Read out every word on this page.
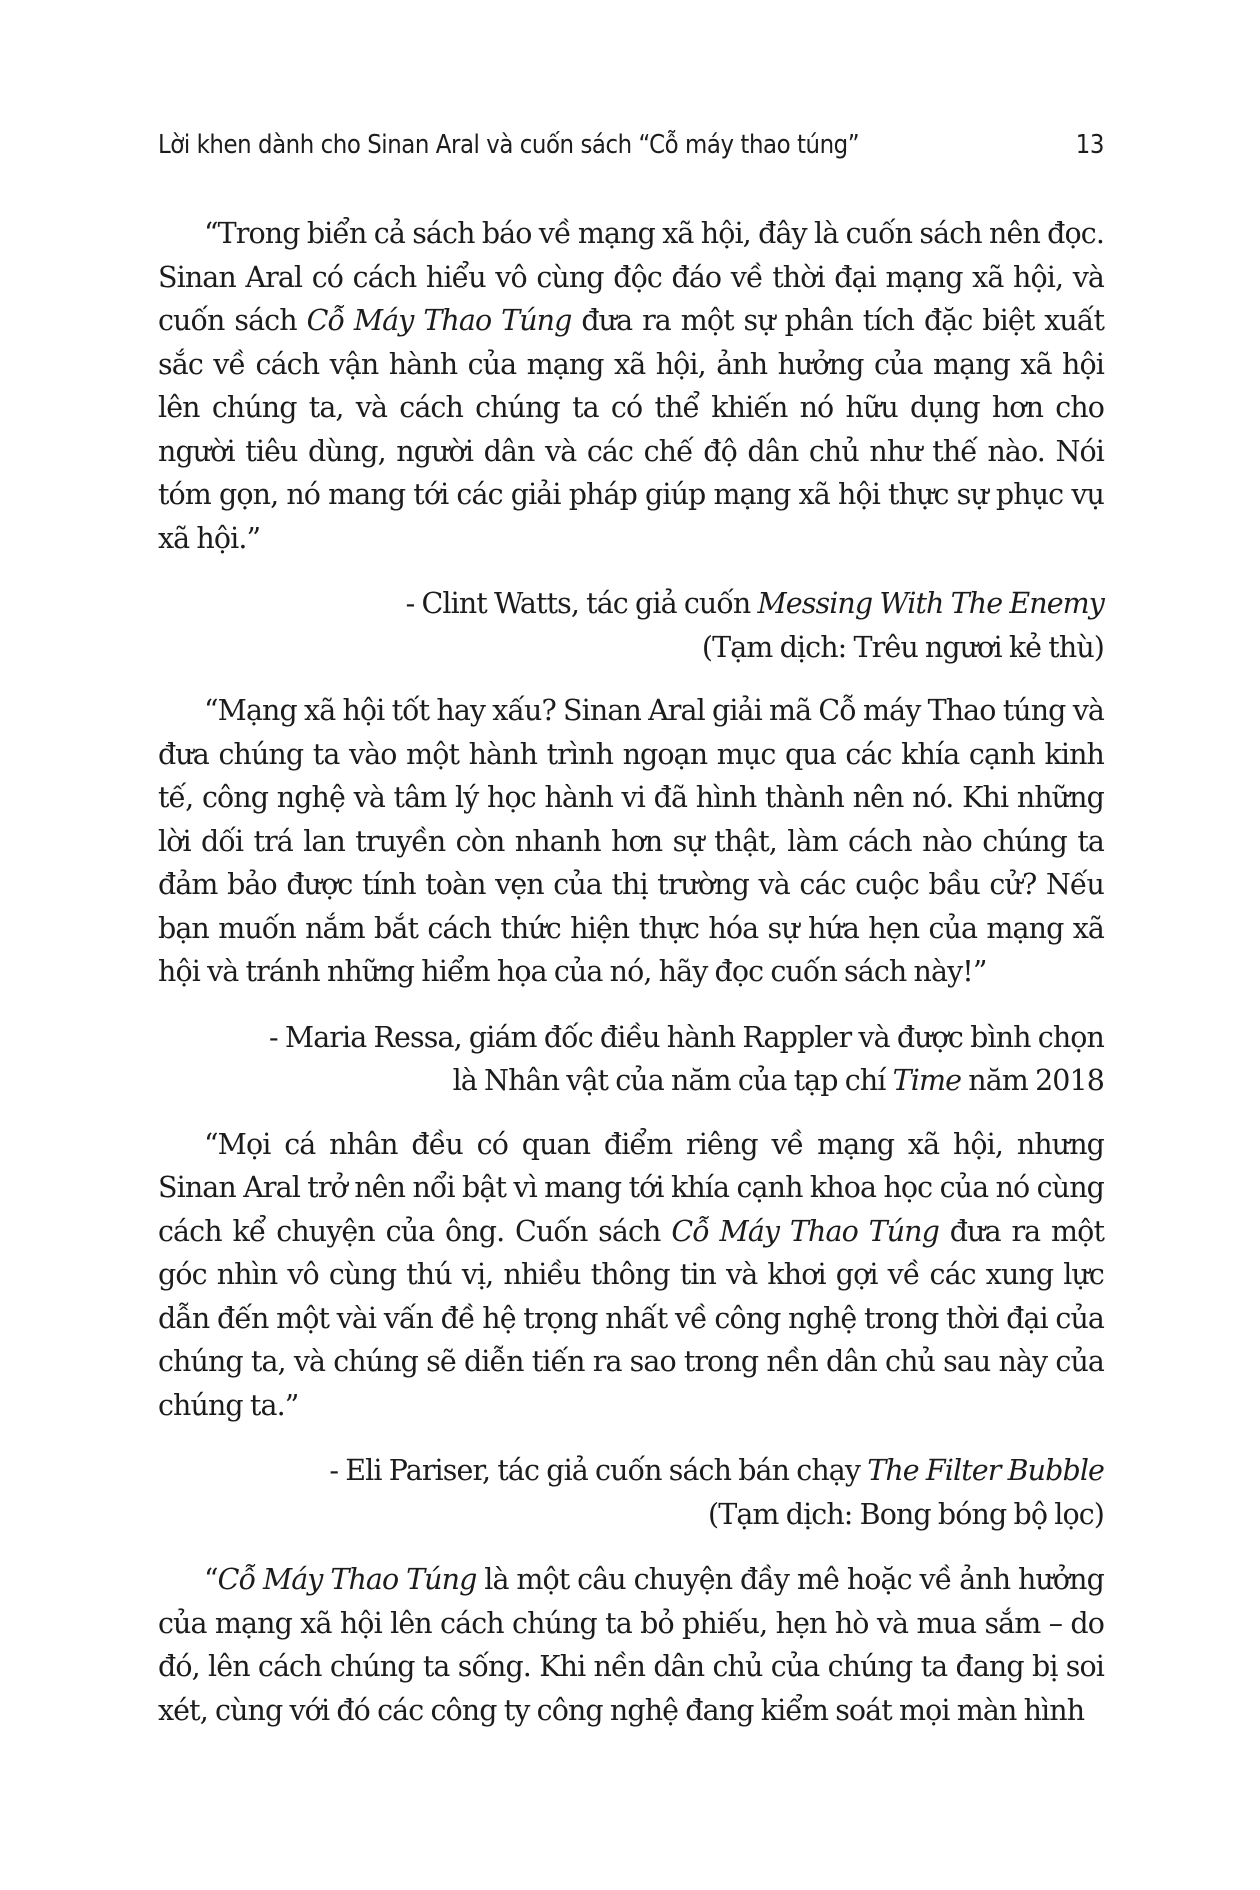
Lời khen dành cho Sinan Aral và cuốn sách “Cỗ máy thao túng”	13

“Trong biển cả sách báo về mạng xã hội, đây là cuốn sách nên đọc. Sinan Aral có cách hiểu vô cùng độc đáo về thời đại mạng xã hội, và cuốn sách Cỗ Máy Thao Túng đưa ra một sự phân tích đặc biệt xuất sắc về cách vận hành của mạng xã hội, ảnh hưởng của mạng xã hội lên chúng ta, và cách chúng ta có thể khiến nó hữu dụng hơn cho người tiêu dùng, người dân và các chế độ dân chủ như thế nào. Nói tóm gọn, nó mang tới các giải pháp giúp mạng xã hội thực sự phục vụ xã hội.”

- Clint Watts, tác giả cuốn Messing With The Enemy

(Tạm dịch: Trêu ngươi kẻ thù)

“Mạng xã hội tốt hay xấu? Sinan Aral giải mã Cỗ máy Thao túng và đưa chúng ta vào một hành trình ngoạn mục qua các khía cạnh kinh tế, công nghệ và tâm lý học hành vi đã hình thành nên nó. Khi những lời dối trá lan truyền còn nhanh hơn sự thật, làm cách nào chúng ta đảm bảo được tính toàn vẹn của thị trường và các cuộc bầu cử? Nếu bạn muốn nắm bắt cách thức hiện thực hóa sự hứa hẹn của mạng xã hội và tránh những hiểm họa của nó, hãy đọc cuốn sách này!”

- Maria Ressa, giám đốc điều hành Rappler và được bình chọn

là Nhân vật của năm của tạp chí Time năm 2018

“Mọi cá nhân đều có quan điểm riêng về mạng xã hội, nhưng Sinan Aral trở nên nổi bật vì mang tới khía cạnh khoa học của nó cùng cách kể chuyện của ông. Cuốn sách Cỗ Máy Thao Túng đưa ra một góc nhìn vô cùng thú vị, nhiều thông tin và khơi gợi về các xung lực dẫn đến một vài vấn đề hệ trọng nhất về công nghệ trong thời đại của chúng ta, và chúng sẽ diễn tiến ra sao trong nền dân chủ sau này của chúng ta.”

- Eli Pariser, tác giả cuốn sách bán chạy The Filter Bubble

(Tạm dịch: Bong bóng bộ lọc)

“Cỗ Máy Thao Túng là một câu chuyện đầy mê hoặc về ảnh hưởng của mạng xã hội lên cách chúng ta bỏ phiếu, hẹn hò và mua sắm – do đó, lên cách chúng ta sống. Khi nền dân chủ của chúng ta đang bị soi xét, cùng với đó các công ty công nghệ đang kiểm soát mọi màn hình
